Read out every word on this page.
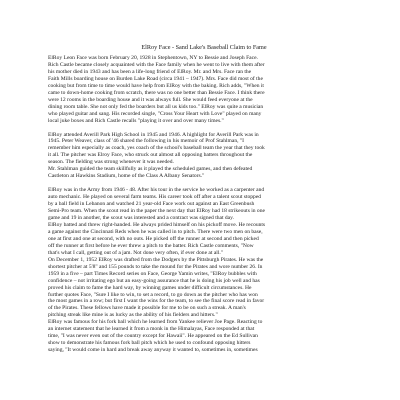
ElRoy Face - Sand Lake's Baseball Claim to Fame
ElRoy Leon Face was born February 20, 1928 in Stephentown, NY to Bessie and Joseph Face.
Rich Castle became closely acquainted with the Face family when he went to live with them after
his mother died in 1943 and has been a life-long friend of ElRoy. Mr. and Mrs. Face ran the
Faith Mills boarding house on Burden Lake Road (circa 1941 – 1947). Mrs. Face did most of the
cooking but from time to time would have help from ElRoy with the baking. Rich adds, "When it
came to down-home cooking from scratch, there was no one better than Bessie Face. I think there
were 12 rooms in the boarding house and it was always full. She would feed everyone at the
dining room table. She not only fed the boarders but all us kids too." ElRoy was quite a musician
who played guitar and sang. His recorded single, "Cross Your Heart with Love" played on many
local juke boxes and Rich Castle recalls "playing it over and over many times."
ElRoy attended Averill Park High School in 1945 and 1946. A highlight for Averill Park was in
1945. Peter Weaver, class of '46 shared the following in his memoir of Prof Stahlman, "I
remember him especially as coach, yes coach of the school's baseball team the year that they took
it all. The pitcher was Elroy Face, who struck out almost all opposing batters throughout the
season. The fielding was strong whenever it was needed.
Mr. Stahlman guided the team skillfully as it played the scheduled games, and then defeated
Castleton at Hawkins Stadium, home of the Class A Albany Senators."
ElRoy was in the Army from 1946 - 48. After his tour in the service he worked as a carpenter and
auto mechanic. He played on several farm teams. His career took off after a talent scout stopped
by a ball field in Lebanon and watched 21 year-old Face work out against an East Greenbush
Semi-Pro team. When the scout read in the paper the next day that ElRoy had 18 strikeouts in one
game and 19 in another, the scout was interested and a contract was signed that day.
ElRoy batted and threw right-handed. He always prided himself on his pickoff move. He recounts
a game against the Cincinnati Reds when he was called in to pitch. There were two men on base,
one at first and one at second, with no outs. He picked off the runner at second and then picked
off the runner at first before he ever threw a pitch to the batter. Rich Castle comments, "Now
that's what I call, getting out of a jam. Not done very often, if ever done at all."
On December 1, 1952 ElRoy was drafted from the Dodgers by the Pittsburgh Pirates. He was the
shortest pitcher at 5'8" and 155 pounds to take the mound for the Pirates and wore number 26. In
1959 in a five – part Times Record series on Face, George Yamin writes, "ElRoy bubbles with
confidence – not irritating ego but an easy-going assurance that he is doing his job well and has
proved his claim to fame the hard way, by winning games under difficult circumstances. He
further quotes Face, "Sure I like to win, to set a record, to go down as the pitcher who has won
the most games in a row; but first I want the wins for the team, to see the final score read in favor
of the Pirates. These fellows have made it possible for me to be on such a streak. A man's
pitching streak like mine is as lucky as the ability of his fielders and hitters."
ElRoy was famous for his fork ball which he learned from Yankee reliever Joe Page. Reacting to
an internet statement that he learned it from a monk in the Himalayas, Face responded at that
time, "I was never even out of the country except for Hawaii". He appeared on the Ed Sullivan
show to demonstrate his famous fork ball pitch which he used to confound opposing hitters
saying, "It would come in hard and break away anyway it wanted to, sometimes in, sometimes
